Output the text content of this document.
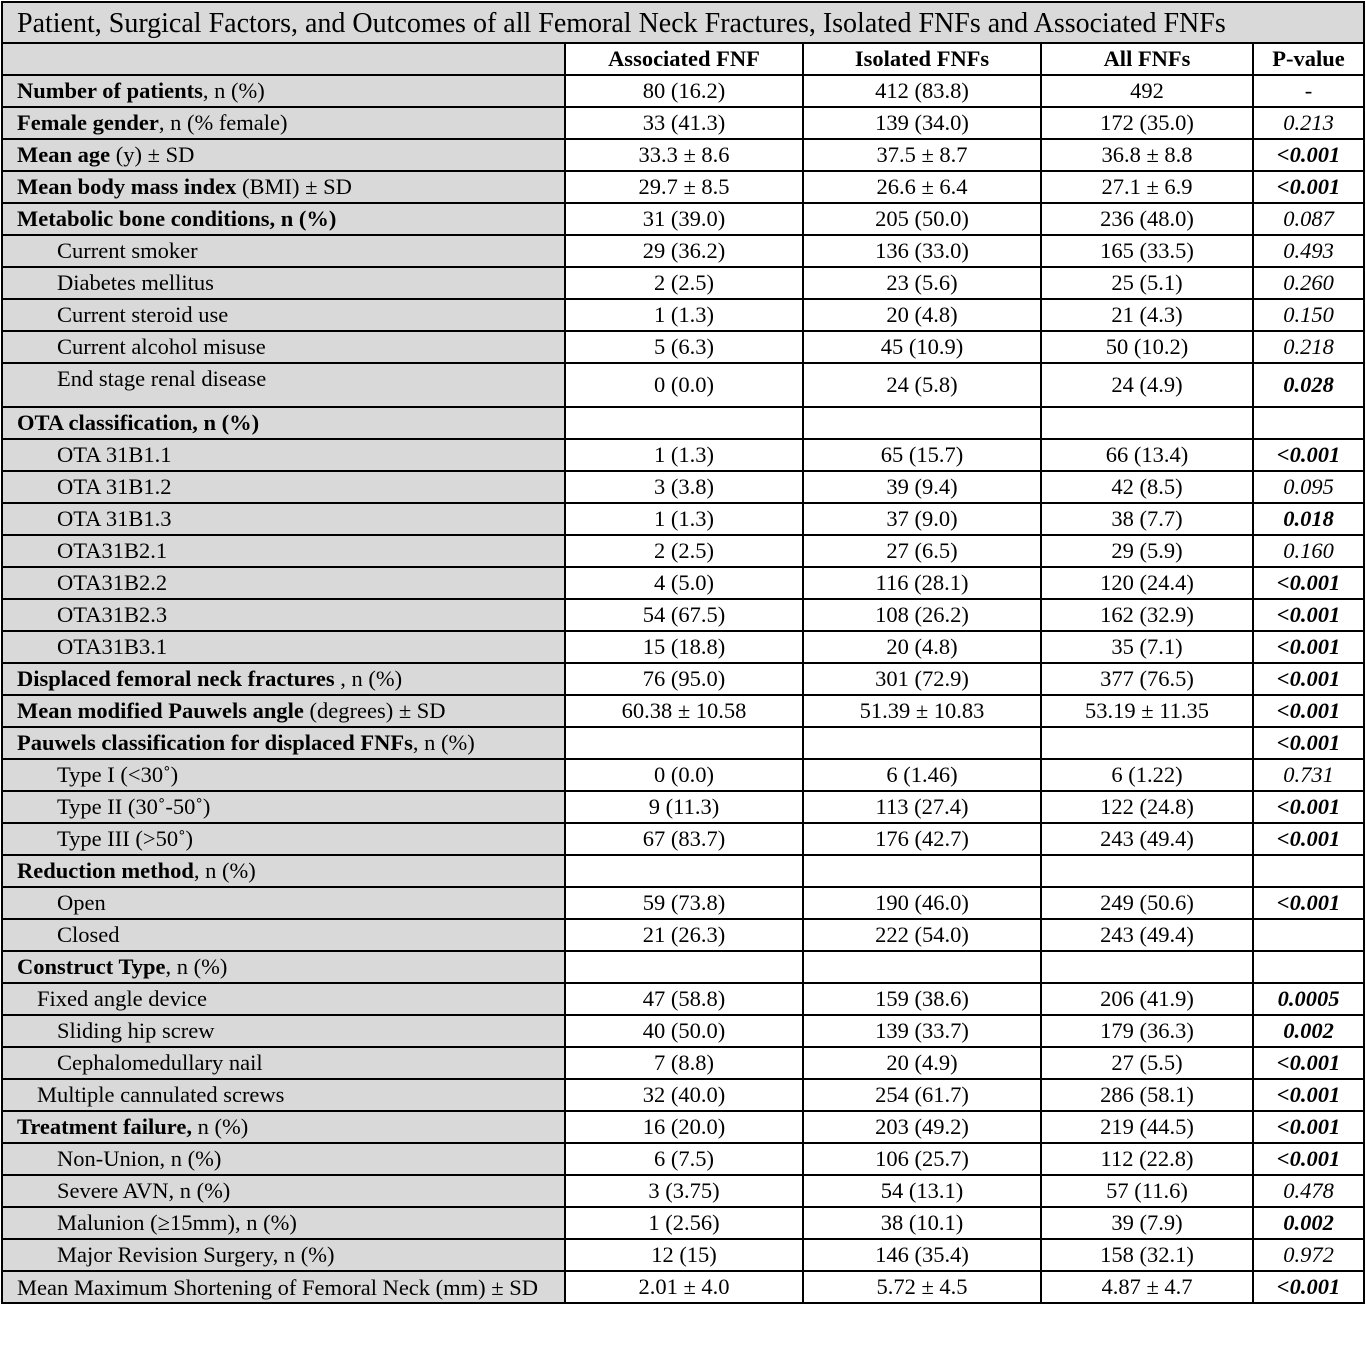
Patient, Surgical Factors, and Outcomes of all Femoral Neck Fractures, Isolated FNFs and Associated FNFs				
	Associated FNF	Isolated FNFs	All FNFs	P-value
Number of patients, n (%)	80 (16.2)	412 (83.8)	492	-
Female gender, n (% female)	33 (41.3)	139 (34.0)	172 (35.0)	0.213
Mean age (y) ± SD	33.3 ± 8.6	37.5 ± 8.7	36.8 ± 8.8	<0.001
Mean body mass index (BMI) ± SD	29.7 ± 8.5	26.6 ± 6.4	27.1 ± 6.9	<0.001
Metabolic bone conditions, n (%)	31 (39.0)	205 (50.0)	236 (48.0)	0.087
Current smoker	29 (36.2)	136 (33.0)	165 (33.5)	0.493
Diabetes mellitus	2 (2.5)	23 (5.6)	25 (5.1)	0.260
Current steroid use	1 (1.3)	20 (4.8)	21 (4.3)	0.150
Current alcohol misuse	5 (6.3)	45 (10.9)	50 (10.2)	0.218
End stage renal disease	0 (0.0)	24 (5.8)	24 (4.9)	0.028
OTA classification, n (%)				
OTA 31B1.1	1 (1.3)	65 (15.7)	66 (13.4)	<0.001
OTA 31B1.2	3 (3.8)	39 (9.4)	42 (8.5)	0.095
OTA 31B1.3	1 (1.3)	37 (9.0)	38 (7.7)	0.018
OTA31B2.1	2 (2.5)	27 (6.5)	29 (5.9)	0.160
OTA31B2.2	4 (5.0)	116 (28.1)	120 (24.4)	<0.001
OTA31B2.3	54 (67.5)	108 (26.2)	162 (32.9)	<0.001
OTA31B3.1	15 (18.8)	20 (4.8)	35 (7.1)	<0.001
Displaced femoral neck fractures , n (%)	76 (95.0)	301 (72.9)	377 (76.5)	<0.001
Mean modified Pauwels angle (degrees) ± SD	60.38 ± 10.58	51.39 ± 10.83	53.19 ± 11.35	<0.001
Pauwels classification for displaced FNFs, n (%)				<0.001
Type I (<30˚)	0 (0.0)	6 (1.46)	6 (1.22)	0.731
Type II (30˚-50˚)	9 (11.3)	113 (27.4)	122 (24.8)	<0.001
Type III (>50˚)	67 (83.7)	176 (42.7)	243 (49.4)	<0.001
Reduction method, n (%)				
Open	59 (73.8)	190 (46.0)	249 (50.6)	<0.001
Closed	21 (26.3)	222 (54.0)	243 (49.4)	
Construct Type, n (%)				
Fixed angle device	47 (58.8)	159 (38.6)	206 (41.9)	0.0005
Sliding hip screw	40 (50.0)	139 (33.7)	179 (36.3)	0.002
Cephalomedullary nail	7 (8.8)	20 (4.9)	27 (5.5)	<0.001
Multiple cannulated screws	32 (40.0)	254 (61.7)	286 (58.1)	<0.001
Treatment failure, n (%)	16 (20.0)	203 (49.2)	219 (44.5)	<0.001
Non-Union, n (%)	6 (7.5)	106 (25.7)	112 (22.8)	<0.001
Severe AVN, n (%)	3 (3.75)	54 (13.1)	57 (11.6)	0.478
Malunion (≥15mm), n (%)	1 (2.56)	38 (10.1)	39 (7.9)	0.002
Major Revision Surgery, n (%)	12 (15)	146 (35.4)	158 (32.1)	0.972
Mean Maximum Shortening of Femoral Neck (mm) ± SD	2.01 ± 4.0	5.72 ± 4.5	4.87 ± 4.7	<0.001
